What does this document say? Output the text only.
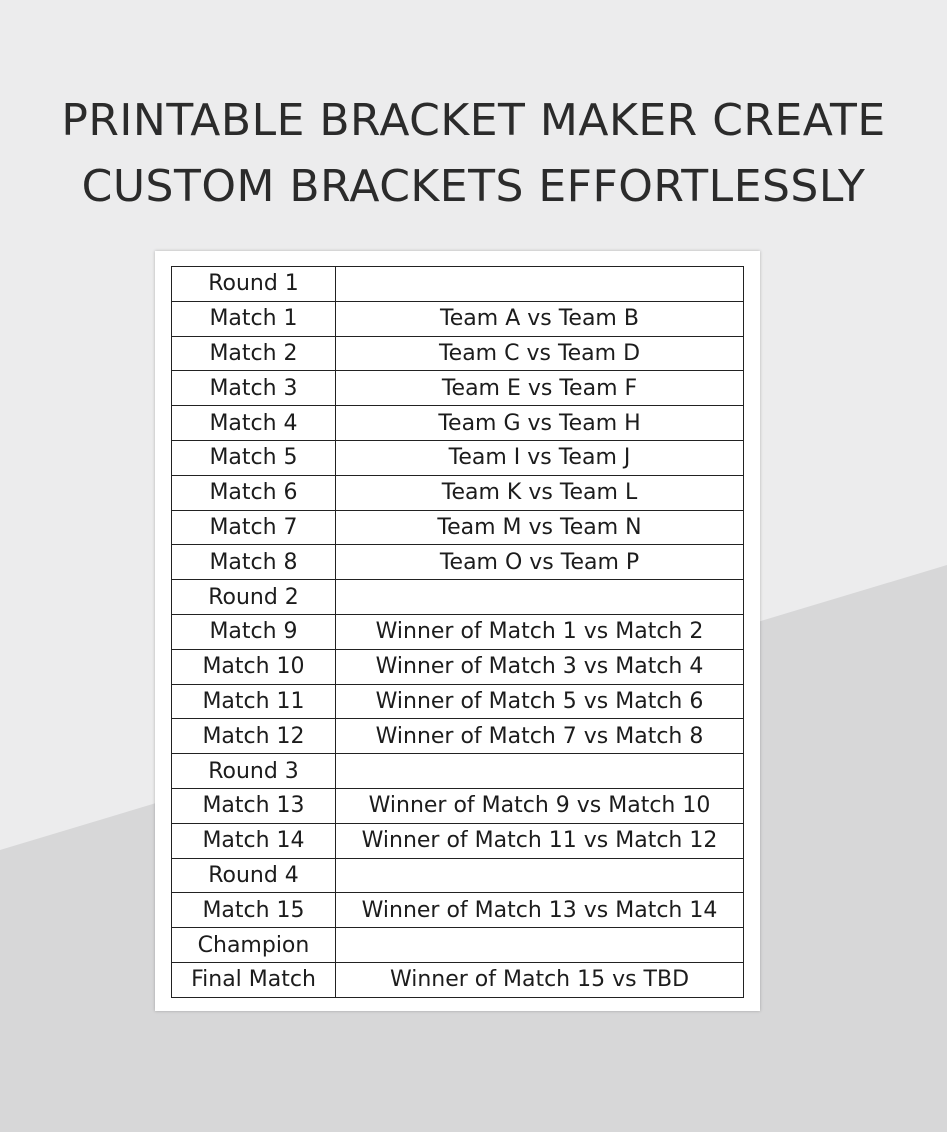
PRINTABLE BRACKET MAKER CREATE
CUSTOM BRACKETS EFFORTLESSLY
Round 1	
Match 1	Team A vs Team B
Match 2	Team C vs Team D
Match 3	Team E vs Team F
Match 4	Team G vs Team H
Match 5	Team I vs Team J
Match 6	Team K vs Team L
Match 7	Team M vs Team N
Match 8	Team O vs Team P
Round 2	
Match 9	Winner of Match 1 vs Match 2
Match 10	Winner of Match 3 vs Match 4
Match 11	Winner of Match 5 vs Match 6
Match 12	Winner of Match 7 vs Match 8
Round 3	
Match 13	Winner of Match 9 vs Match 10
Match 14	Winner of Match 11 vs Match 12
Round 4	
Match 15	Winner of Match 13 vs Match 14
Champion	
Final Match	Winner of Match 15 vs TBD
